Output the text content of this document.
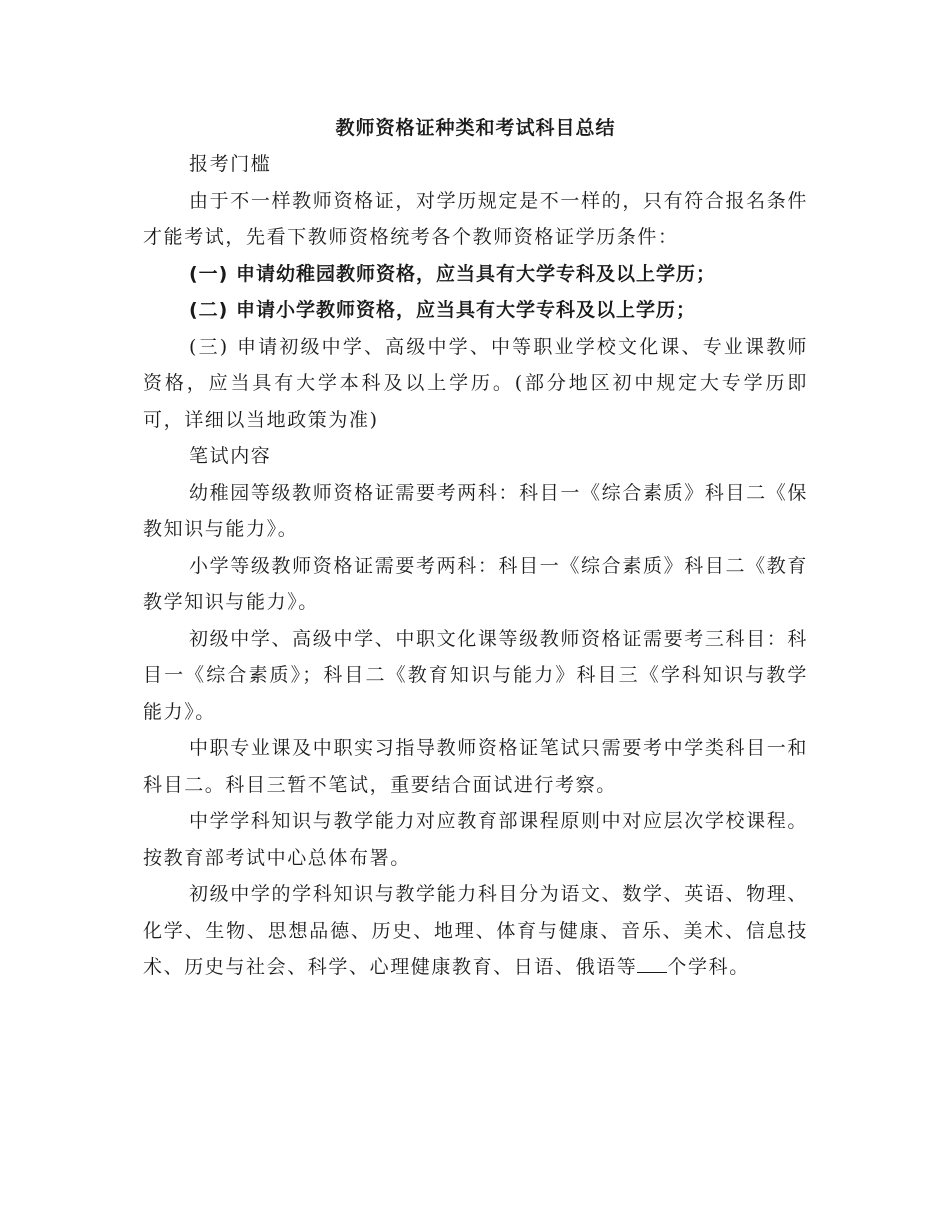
教师资格证种类和考试科目总结

报考门槛

由于不一样教师资格证，对学历规定是不一样的，只有符合报名条件才能考试，先看下教师资格统考各个教师资格证学历条件：

(一) 申请幼稚园教师资格，应当具有大学专科及以上学历；

(二) 申请小学教师资格，应当具有大学专科及以上学历；

(三) 申请初级中学、高级中学、中等职业学校文化课、专业课教师资格，应当具有大学本科及以上学历。(部分地区初中规定大专学历即可，详细以当地政策为准)

笔试内容

幼稚园等级教师资格证需要考两科：科目一《综合素质》科目二《保教知识与能力》。

小学等级教师资格证需要考两科：科目一《综合素质》科目二《教育教学知识与能力》。

初级中学、高级中学、中职文化课等级教师资格证需要考三科目：科目一《综合素质》；科目二《教育知识与能力》科目三《学科知识与教学能力》。

中职专业课及中职实习指导教师资格证笔试只需要考中学类科目一和科目二。科目三暂不笔试，重要结合面试进行考察。

中学学科知识与教学能力对应教育部课程原则中对应层次学校课程。按教育部考试中心总体布署。

初级中学的学科知识与教学能力科目分为语文、数学、英语、物理、化学、生物、思想品德、历史、地理、体育与健康、音乐、美术、信息技术、历史与社会、科学、心理健康教育、日语、俄语等 个学科。
